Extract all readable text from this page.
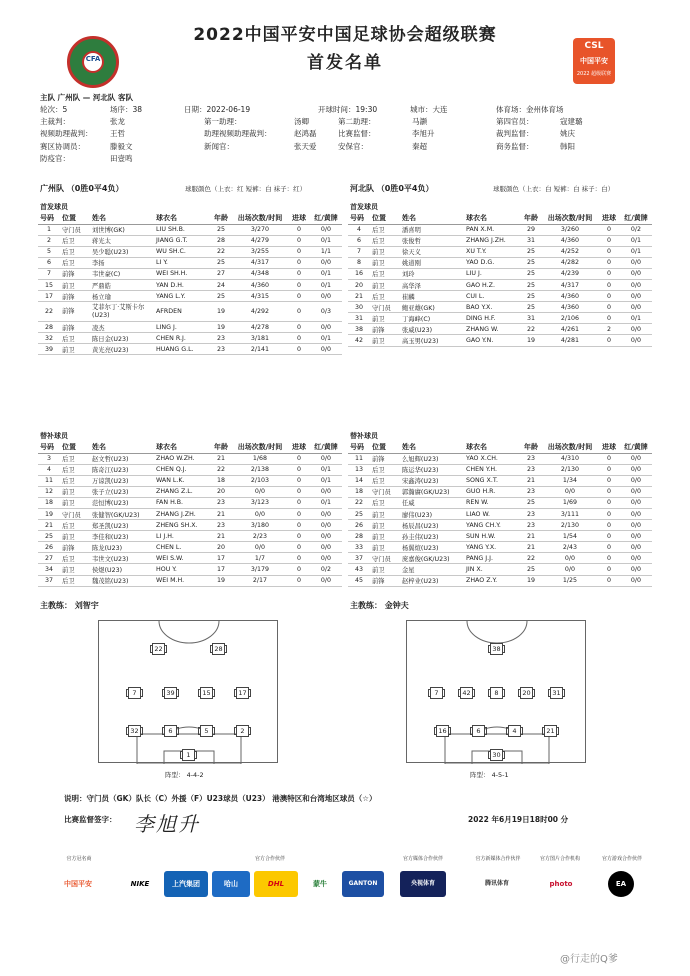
2022中国平安中国足球协会超级联赛
首发名单
CFA
CSL
中国平安
2022 超级联赛
主队 广州队 — 河北队 客队
轮次：5	场序：38	日期：2022-06-19	开球时间：19:30	城市：大连	体育场：金州体育场
主裁判：	张龙	第一助理：	汤卿	第二助理：	马灏	第四官员：	寇建璐
视频助理裁判： 王哲	助理视频助理裁判：	赵鸿磊	比赛监督：	李旭升	裁判监督：	姚庆
赛区协调员：	滕毅文	新闻官：	张天爱	安保官：	秦超	商务监督：	韩阳
防疫官：	田壹鸣
广州队 （0胜0平4负）	球服颜色（上衣：红 短裤：白 袜子：红）
首发球员
河北队 （0胜0平4负）	球服颜色（上衣：白 短裤：白 袜子：白）
首发球员
号码	位置	姓名	球衣名	年龄	出场次数/时间	进球	红/黄牌
1	守门员	刘世博(GK)	LIU SH.B.	25	3/270	0	0/0
2	后卫	蒋光太	JIANG G.T.	28	4/279	0	0/1
5	后卫	吴少聪(U23)	WU SH.C.	22	3/255	0	1/1
6	后卫	李扬	LI Y.	25	4/317	0	0/0
7	前锋	韦世豪(C)	WEI SH.H.	27	4/348	0	0/1
15	前卫	严鼎皓	YAN D.H.	24	4/360	0	0/1
17	前锋	杨立瑜	YANG L.Y.	25	4/315	0	0/0
22	前锋	艾菲尔丁·艾斯卡尔(U23)	AFRDEN	19	4/292	0	0/3
28	前锋	凌杰	LING J.	19	4/278	0	0/0
32	后卫	陈日金(U23)	CHEN R.J.	23	3/181	0	0/1
39	前卫	黄光亮(U23)	HUANG G.L.	23	2/141	0	0/0
号码	位置	姓名	球衣名	年龄	出场次数/时间	进球	红/黄牌
4	后卫	潘喜明	PAN X.M.	29	3/260	0	0/2
6	后卫	张俊哲	ZHANG J.ZH.	31	4/360	0	0/1
7	前卫	徐天义	XU T.Y.	25	4/252	0	0/1
8	前卫	姚道刚	YAO D.G.	25	4/282	0	0/0
16	后卫	刘玲	LIU J.	25	4/239	0	0/0
20	前卫	高华泽	GAO H.Z.	25	4/317	0	0/0
21	后卫	崔麟	CUI L.	25	4/360	0	0/0
30	守门员	鲍亚雄(GK)	BAO Y.X.	25	4/360	0	0/0
31	前卫	丁海峰(C)	DING H.F.	31	2/106	0	0/1
38	前锋	张威(U23)	ZHANG W.	22	4/261	2	0/0
42	前卫	高玉男(U23)	GAO Y.N.	19	4/281	0	0/0
替补球员	替补球员
号码	位置	姓名	球衣名	年龄	出场次数/时间	进球	红/黄牌
3	后卫	赵文哲(U23)	ZHAO W.ZH.	21	1/68	0	0/0
4	后卫	陈奇江(U23)	CHEN Q.J.	22	2/138	0	0/1
11	后卫	万谅凯(U23)	WAN L.K.	18	2/103	0	0/1
12	前卫	张子立(U23)	ZHANG Z.L.	20	0/0	0	0/0
18	前卫	范恒博(U23)	FAN H.B.	23	3/123	0	0/1
19	守门员	张健智(GK/U23)	ZHANG J.ZH.	21	0/0	0	0/0
21	后卫	郑圣凯(U23)	ZHENG SH.X.	23	3/180	0	0/0
25	前卫	李佳和(U23)	LI J.H.	21	2/23	0	0/0
26	前锋	陈龙(U23)	CHEN L.	20	0/0	0	0/0
27	后卫	韦世文(U23)	WEI S.W.	17	1/7	0	0/0
34	前卫	侯煜(U23)	HOU Y.	17	3/179	0	0/2
37	后卫	魏茂铭(U23)	WEI M.H.	19	2/17	0	0/0
号码	位置	姓名	球衣名	年龄	出场次数/时间	进球	红/黄牌
11	前锋	么旭辉(U23)	YAO X.CH.	23	4/310	0	0/0
13	后卫	陈运华(U23)	CHEN Y.H.	23	2/130	0	0/0
14	后卫	宋鑫涛(U23)	SONG X.T.	21	1/34	0	0/0
18	守门员	郭瀚賡(GK/U23)	GUO H.R.	23	0/0	0	0/0
22	后卫	任威	REN W.	25	1/69	0	0/0
25	前卫	廖伟(U23)	LIAO W.	23	3/111	0	0/0
26	前卫	杨辰昌(U23)	YANG CH.Y.	23	2/130	0	0/0
28	前卫	孙圭伟(U23)	SUN H.W.	21	1/54	0	0/0
33	前卫	杨翼煊(U23)	YANG Y.X.	21	2/43	0	0/0
37	守门员	庞嘉俊(GK/U23)	PANG J.J.	22	0/0	0	0/0
43	前卫	金星	JIN X.	25	0/0	0	0/0
45	前锋	赵梓业(U23)	ZHAO Z.Y.	19	1/25	0	0/0
主教练： 刘智宇	主教练： 金钟夫
22	28
7	39	15	17
32	6	5	2
1
38
7	42	8	20	31
16	6	4	21
30
阵型： 4-4-2	阵型： 4-5-1
说明：守门员（GK）队长（C）外援（F）U23球员（U23） 港澳特区和台湾地区球员（☆）
比赛监督签字： 李旭升	2022 年6月19日18时00 分
官方冠名商	官方合作伙伴	官方媒体合作伙伴	官方新媒体合作伙伴	官方图片合作机构	官方游戏合作伙伴
中国平安	NIKE	上汽集团	哈山	DHL	蒙牛	GANTON	央视体育	腾讯体育	photo	EA
@行走的Q爹
